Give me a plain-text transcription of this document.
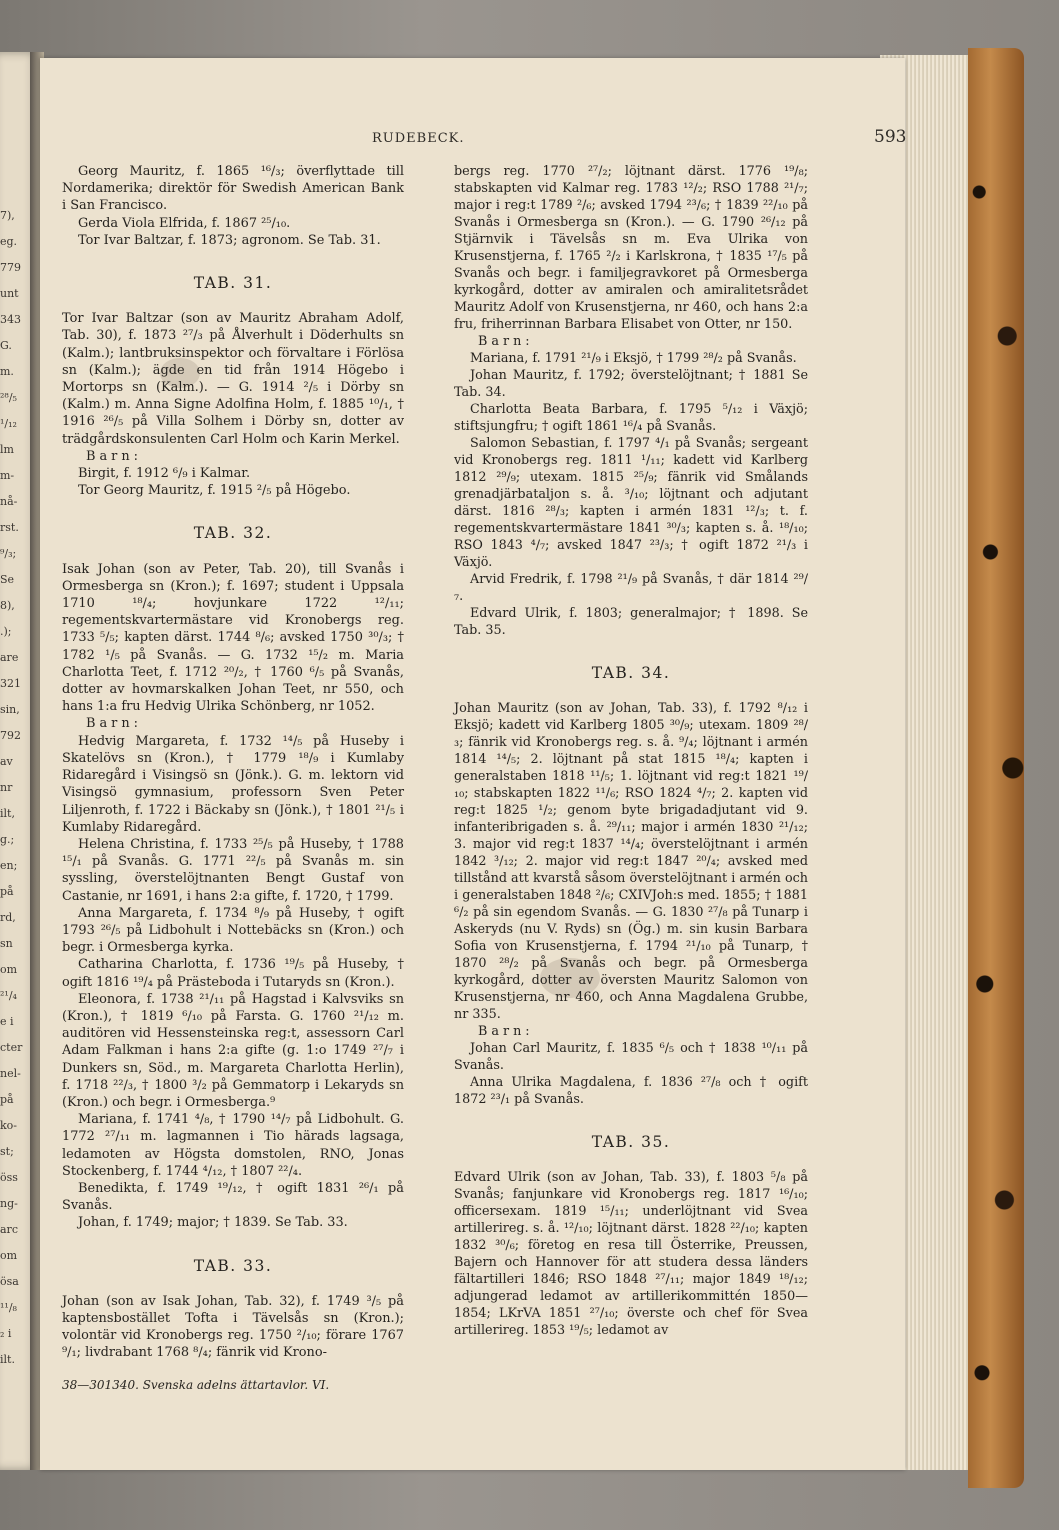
7),
eg.
779
unt
343
G.
m.
²⁸/₅
¹/₁₂
lm
m-
nå-
rst.
⁹/₃;
Se
8),
.);
are
321
sin,
792
av
nr
ilt,
g.;
en;
på
rd,
sn
om
²¹/₄
e i
cter
nel-
på
ko-
st;
öss
ng-
arc
om
ösa
¹¹/₈
₂ i
ilt.
RUDEBECK.	593
Georg Mauritz, f. 1865 ¹⁶/₃; överflyttade till Nordamerika; direktör för Swedish American Bank i San Francisco.
Gerda Viola Elfrida, f. 1867 ²⁵/₁₀.
Tor Ivar Baltzar, f. 1873; agronom. Se Tab. 31.
TAB. 31.
Tor Ivar Baltzar (son av Mauritz Abraham Adolf, Tab. 30), f. 1873 ²⁷/₃ på Ålverhult i Döderhults sn (Kalm.); lantbruksinspektor och förvaltare i Förlösa sn (Kalm.); ägde en tid från 1914 Högebo i Mortorps sn (Kalm.). — G. 1914 ²/₅ i Dörby sn (Kalm.) m. Anna Signe Adolfina Holm, f. 1885 ¹⁰/₁, † 1916 ²⁶/₅ på Villa Solhem i Dörby sn, dotter av trädgårdskonsulenten Carl Holm och Karin Merkel.
Barn:
Birgit, f. 1912 ⁶/₉ i Kalmar.
Tor Georg Mauritz, f. 1915 ²/₅ på Högebo.
TAB. 32.
Isak Johan (son av Peter, Tab. 20), till Svanås i Ormesberga sn (Kron.); f. 1697; student i Uppsala 1710 ¹⁸/₄; hovjunkare 1722 ¹²/₁₁; regementskvartermästare vid Kronobergs reg. 1733 ⁵/₅; kapten därst. 1744 ⁸/₆; avsked 1750 ³⁰/₃; † 1782 ¹/₅ på Svanås. — G. 1732 ¹⁵/₂ m. Maria Charlotta Teet, f. 1712 ²⁰/₂, † 1760 ⁶/₅ på Svanås, dotter av hovmarskalken Johan Teet, nr 550, och hans 1:a fru Hedvig Ulrika Schönberg, nr 1052.
Barn:
Hedvig Margareta, f. 1732 ¹⁴/₅ på Huseby i Skatelövs sn (Kron.), † 1779 ¹⁸/₉ i Kumlaby Ridaregård i Visingsö sn (Jönk.). G. m. lektorn vid Visingsö gymnasium, professorn Sven Peter Liljenroth, f. 1722 i Bäckaby sn (Jönk.), † 1801 ²¹/₅ i Kumlaby Ridaregård.
Helena Christina, f. 1733 ²⁵/₅ på Huseby, † 1788 ¹⁵/₁ på Svanås. G. 1771 ²²/₅ på Svanås m. sin syssling, överstelöjtnanten Bengt Gustaf von Castanie, nr 1691, i hans 2:a gifte, f. 1720, † 1799.
Anna Margareta, f. 1734 ⁸/₉ på Huseby, † ogift 1793 ²⁶/₅ på Lidbohult i Nottebäcks sn (Kron.) och begr. i Ormesberga kyrka.
Catharina Charlotta, f. 1736 ¹⁹/₅ på Huseby, † ogift 1816 ¹⁹/₄ på Prästeboda i Tutaryds sn (Kron.).
Eleonora, f. 1738 ²¹/₁₁ på Hagstad i Kalvsviks sn (Kron.), † 1819 ⁶/₁₀ på Farsta. G. 1760 ²¹/₁₂ m. auditören vid Hessensteinska reg:t, assessorn Carl Adam Falkman i hans 2:a gifte (g. 1:o 1749 ²⁷/₇ i Dunkers sn, Söd., m. Margareta Charlotta Herlin), f. 1718 ²²/₃, † 1800 ³/₂ på Gemmatorp i Lekaryds sn (Kron.) och begr. i Ormesberga.⁹
Mariana, f. 1741 ⁴/₈, † 1790 ¹⁴/₇ på Lidbohult. G. 1772 ²⁷/₁₁ m. lagmannen i Tio härads lagsaga, ledamoten av Högsta domstolen, RNO, Jonas Stockenberg, f. 1744 ⁴/₁₂, † 1807 ²²/₄.
Benedikta, f. 1749 ¹⁹/₁₂, † ogift 1831 ²⁶/₁ på Svanås.
Johan, f. 1749; major; † 1839. Se Tab. 33.
TAB. 33.
Johan (son av Isak Johan, Tab. 32), f. 1749 ³/₅ på kaptensbostället Tofta i Tävelsås sn (Kron.); volontär vid Kronobergs reg. 1750 ²/₁₀; förare 1767 ⁹/₁; livdrabant 1768 ⁸/₄; fänrik vid Krono-
bergs reg. 1770 ²⁷/₂; löjtnant därst. 1776 ¹⁹/₈; stabskapten vid Kalmar reg. 1783 ¹²/₂; RSO 1788 ²¹/₇; major i reg:t 1789 ²/₆; avsked 1794 ²³/₆; † 1839 ²²/₁₀ på Svanås i Ormesberga sn (Kron.). — G. 1790 ²⁶/₁₂ på Stjärnvik i Tävelsås sn m. Eva Ulrika von Krusenstjerna, f. 1765 ²/₂ i Karlskrona, † 1835 ¹⁷/₅ på Svanås och begr. i familjegravkoret på Ormesberga kyrkogård, dotter av amiralen och amiralitetsrådet Mauritz Adolf von Krusenstjerna, nr 460, och hans 2:a fru, friherrinnan Barbara Elisabet von Otter, nr 150.
Barn:
Mariana, f. 1791 ²¹/₉ i Eksjö, † 1799 ²⁸/₂ på Svanås.
Johan Mauritz, f. 1792; överstelöjtnant; † 1881 Se Tab. 34.
Charlotta Beata Barbara, f. 1795 ⁵/₁₂ i Växjö; stiftsjungfru; † ogift 1861 ¹⁶/₄ på Svanås.
Salomon Sebastian, f. 1797 ⁴/₁ på Svanås; sergeant vid Kronobergs reg. 1811 ¹/₁₁; kadett vid Karlberg 1812 ²⁹/₉; utexam. 1815 ²⁵/₉; fänrik vid Smålands grenadjärbataljon s. å. ³/₁₀; löjtnant och adjutant därst. 1816 ²⁸/₃; kapten i armén 1831 ¹²/₃; t. f. regementskvartermästare 1841 ³⁰/₃; kapten s. å. ¹⁸/₁₀; RSO 1843 ⁴/₇; avsked 1847 ²³/₃; † ogift 1872 ²¹/₃ i Växjö.
Arvid Fredrik, f. 1798 ²¹/₉ på Svanås, † där 1814 ²⁹/₇.
Edvard Ulrik, f. 1803; generalmajor; † 1898. Se Tab. 35.
TAB. 34.
Johan Mauritz (son av Johan, Tab. 33), f. 1792 ⁸/₁₂ i Eksjö; kadett vid Karlberg 1805 ³⁰/₉; utexam. 1809 ²⁸/₃; fänrik vid Kronobergs reg. s. å. ⁹/₄; löjtnant i armén 1814 ¹⁴/₅; 2. löjtnant på stat 1815 ¹⁸/₄; kapten i generalstaben 1818 ¹¹/₅; 1. löjtnant vid reg:t 1821 ¹⁹/₁₀; stabskapten 1822 ¹¹/₆; RSO 1824 ⁴/₇; 2. kapten vid reg:t 1825 ¹/₂; genom byte brigadadjutant vid 9. infanteribrigaden s. å. ²⁹/₁₁; major i armén 1830 ²¹/₁₂; 3. major vid reg:t 1837 ¹⁴/₄; överstelöjtnant i armén 1842 ³/₁₂; 2. major vid reg:t 1847 ²⁰/₄; avsked med tillstånd att kvarstå såsom överstelöjtnant i armén och i generalstaben 1848 ²/₆; CXIVJoh:s med. 1855; † 1881 ⁶/₂ på sin egendom Svanås. — G. 1830 ²⁷/₈ på Tunarp i Askeryds (nu V. Ryds) sn (Ög.) m. sin kusin Barbara Sofia von Krusenstjerna, f. 1794 ²¹/₁₀ på Tunarp, † 1870 ²⁸/₂ på Svanås och begr. på Ormesberga kyrkogård, dotter av översten Mauritz Salomon von Krusenstjerna, nr 460, och Anna Magdalena Grubbe, nr 335.
Barn:
Johan Carl Mauritz, f. 1835 ⁶/₅ och † 1838 ¹⁰/₁₁ på Svanås.
Anna Ulrika Magdalena, f. 1836 ²⁷/₈ och † ogift 1872 ²³/₁ på Svanås.
TAB. 35.
Edvard Ulrik (son av Johan, Tab. 33), f. 1803 ⁵/₈ på Svanås; fanjunkare vid Kronobergs reg. 1817 ¹⁶/₁₀; officersexam. 1819 ¹⁵/₁₁; underlöjtnant vid Svea artillerireg. s. å. ¹²/₁₀; löjtnant därst. 1828 ²²/₁₀; kapten 1832 ³⁰/₆; företog en resa till Österrike, Preussen, Bajern och Hannover för att studera dessa länders fältartilleri 1846; RSO 1848 ²⁷/₁₁; major 1849 ¹⁸/₁₂; adjungerad ledamot av artillerikommittén 1850—1854; LKrVA 1851 ²⁷/₁₀; överste och chef för Svea artillerireg. 1853 ¹⁹/₅; ledamot av
38—301340. Svenska adelns ättartavlor. VI.
